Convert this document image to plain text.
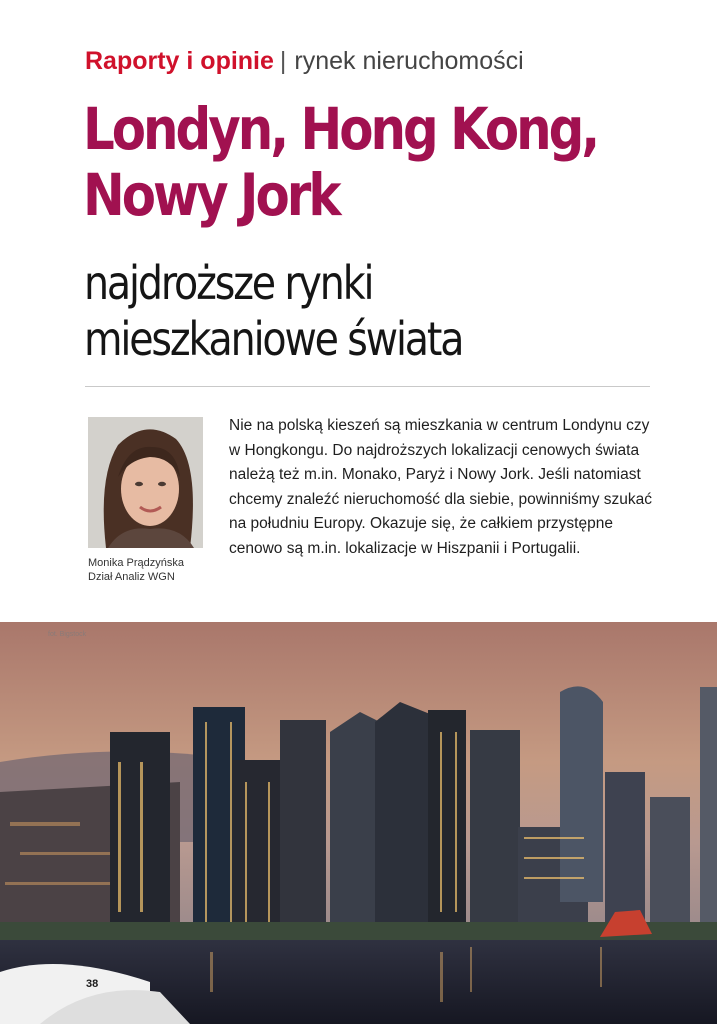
Raporty i opinie | rynek nieruchomości
Londyn, Hong Kong, Nowy Jork
najdroższe rynki mieszkaniowe świata
Monika Prądzyńska
Dział Analiz WGN

Nie na polską kieszeń są mieszkania w centrum Londynu czy w Hongkongu. Do najdroższych lokalizacji cenowych świata należą też m.in. Monako, Paryż i Nowy Jork. Jeśli natomiast chcemy znaleźć nieruchomość dla siebie, powinniśmy szukać na południu Europy. Okazuje się, że całkiem przystępne cenowo są m.in. lokalizacje w Hiszpanii i Portugalii.

fot. Bigstock
38
